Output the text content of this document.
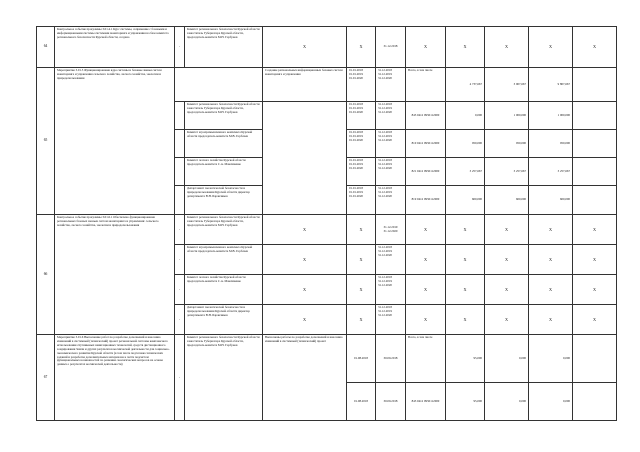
64	Контрольное событие программы 3.01.4.1 Курс системы, сопряжение с базовыми и информационными системы системами мониторинга и управления на базе комитета регионального безопасности Курской области, создано	-	Комитет регионального безопасности Курской области заместитель Губернатора Курской области, председатель комитета М.Н. Горбунов	X	X	31.12.2018	X	X	X	X	X
65	Мероприятие 3.01.5 Функционирование ядра системы и базовые звенья систем мониторинга и управления сельского хозяйства, лесного хозяйства, экологии и природопользования			Создание региональных информационных базовых систем мониторинга и управления	01.01.2018 01.01.2019 01.01.2020	31.12.2018 31.12.2019 31.12.2020	Всего, в том числе	4 737,667	3 907,667	9 807,667	
			Комитет регионального безопасности Курской области заместитель Губернатора Курской области, председатель комитета М.Н. Горбунов		01.01.2018 01.01.2019 01.01.2020	31.12.2018 31.12.2019 31.12.2020	843 0412 0950112000	0,000	1 000,000	1 000,000	
			Комитет агропромышленного комплекса Курской области председатель комитета М.В. Горбачев		01.01.2018 01.01.2019 01.01.2020	31.12.2018 31.12.2019 31.12.2020	810 0412 0950112000	950,000	950,000	950,000	
			Комитет лесного хозяйства Курской области председатель комитета С.А. Максименко		01.01.2018 01.01.2019 01.01.2020	31.12.2018 31.12.2019 31.12.2020	821 0412 0950112000	3 257,667	3 257,667	3 257,667	
			Департамент экологической безопасности и природопользования Курской области директор департамента В.Н. Баранчиков		01.01.2018 01.01.2019 01.01.2020	31.12.2018 31.12.2019 31.12.2020	819 0412 0950112000	600,000	600,000	600,000	
66	Контрольное событие программы 3.01.6.1 Обеспечено функционирование региональных базовых звеньев систем мониторинга и управления: сельского хозяйства, лесного хозяйства, экологии и природопользования	-	Комитет регионального безопасности Курской области заместитель Губернатора Курской области, председатель комитета М.Н. Горбунов	X	X	31.12.2019 31.12.2020	X	X	X	X	X
		-	Комитет агропромышленного комплекса Курской области председатель комитета М.В. Горбачев	X	X	31.12.2018 31.12.2019 31.12.2020	X	X	X	X	X
		-	Комитет лесного хозяйства Курской области председатель комитета С.А. Максименко	X	X	31.12.2018 31.12.2019 31.12.2020	X	X	X	X	X
		-	Департамент экологической безопасности и природопользования Курской области директор департамента В.Н. Баранчиков	X	X	31.12.2018 31.12.2019 31.12.2020	X	X	X	X	X
67	Мероприятие 3.01.6 Выполнение работ по разработке дополнений и внесению изменений в системный (технический) проект региональной системы комплексного использования спутниковых навигационных технологий, средств дистанционного зондирования Земли и других результатов космической деятельности для социально-экономического развития Курской области (в том числе подготовка технических заданий и разработка дополнительных материалов к части подсистем функциональных возможностей по решению экологических вопросов на основе данных о результатах космической деятельности)	-	Комитет регионального безопасности Курской области заместитель Губернатора Курской области, председатель комитета М.Н. Горбунов	Выполнены работы по разработке дополнений и внесению изменений в системный (технический) проект	01.08.2018	30.09.2018	Всего, в том числе	95,000	0,000	0,000	
					01.08.2018	30.09.2018	843 0412 0950112000	95,000	0,000	0,000	
